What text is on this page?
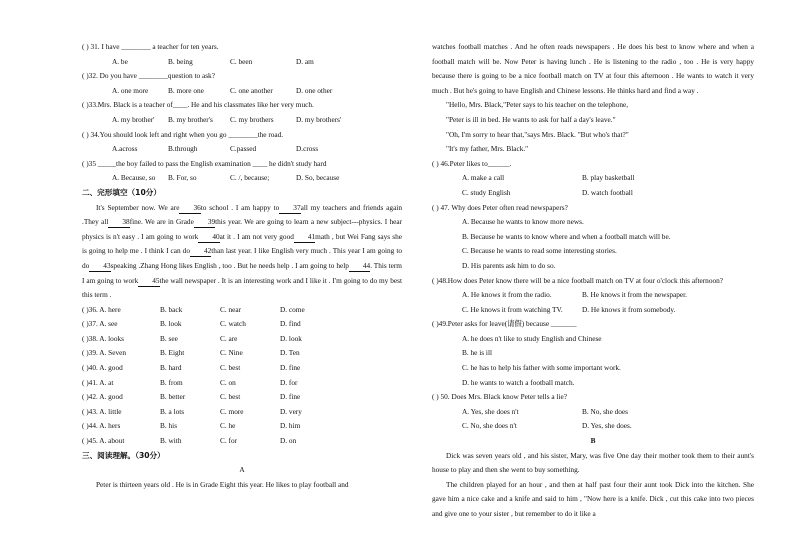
( ) 31. I have ________ a teacher for ten years.
A. be	B. being	C. been	D. am
( )32. Do you have ________question to ask?
A. one more	B. more one	C. one another	D. one other
( )33.Mrs. Black is a teacher of____. He and his classmates like her very much.
A. my brother' B. my brother's C. my brothers	D. my brothers'
( ) 34.You should look left and right when you go ________the road.
A.across	B.through	C.passed	D.cross
( )35 _____the boy failed to pass the English examination ____ he didn't study hard
A. Because, so B. For, so	C. /, because;	D. So, because
二、完形填空（10分）
It's September now. We are 36to school . I am happy to 37all my teachers and friends again .They all 38fine. We are in Grade 39this year. We are going to learn a new subject---physics. I hear physics is n't easy . I am going to work 40at it . I am not very good 41math , but Wei Fang says she is going to help me . I think I can do 42than last year. I like English very much . This year I am going to do 43speaking .Zhang Hong likes English , too . But he needs help . I am going to help 44. This term I am going to work 45the wall newspaper . It is an interesting work and I like it . I'm going to do my best this term .
( )36. A. here	B. back	C. near	D. come
( )37. A. see	B. look	C. watch	D. find
( )38. A. looks	B. see	C. are	D. look
( )39. A. Seven	B. Eight	C. Nine	D. Ten
( )40. A. good	B. hard	C. best	D. fine
( )41. A. at	B. from	C. on	D. for
( )42. A. good	B. better	C. best	D. fine
( )43. A. little	B. a lots	C. more	D. very
( )44. A. hers	B. his	C. he	D. him
( )45. A. about	B. with	C. for	D. on
三、阅读理解。（30分）
A
Peter is thirteen years old . He is in Grade Eight this year. He likes to play football and
watches football matches . And he often reads newspapers . He does his best to know where and when a football match will be. Now Peter is having lunch . He is listening to the radio , too . He is very happy because there is going to be a nice football match on TV at four this afternoon . He wants to watch it very much . But he's going to have English and Chinese lessons. He thinks hard and find a way .
"Hello, Mrs. Black,"Peter says to his teacher on the telephone,
"Peter is ill in bed. He wants to ask for half a day's leave."
"Oh, I'm sorry to hear that,"says Mrs. Black. "But who's that?"
"It's my father, Mrs. Black."
( ) 46.Peter likes to______.
A. make a call	B. play basketball
C. study English	D. watch football
( ) 47. Why does Peter often read newspapers?
A. Because he wants to know more news.
B. Because he wants to know where and when a football match will be.
C. Because he wants to read some interesting stories.
D. His parents ask him to do so.
( )48.How does Peter know there will be a nice football match on TV at four o'clock this afternoon?
A. He knows it from the radio.	B. He knows it from the newspaper.
C. He knows it from watching TV.	D. He knows it from somebody.
( )49.Peter asks for leave(请假) because _______
A. he does n't like to study English and Chinese
B. he is ill
C. he has to help his father with some important work.
D. he wants to watch a football match.
( ) 50. Does Mrs. Black know Peter tells a lie?
A. Yes, she does n't	B. No, she does
C. No, she does n't	D. Yes, she does.
B
Dick was seven years old , and his sister, Mary, was five One day their mother took them to their aunt's house to play and then she went to buy something.
The children played for an hour , and then at half past four their aunt took Dick into the kitchen. She gave him a nice cake and a knife and said to him , "Now here is a knife. Dick , cut this cake into two pieces and give one to your sister , but remember to do it like a
